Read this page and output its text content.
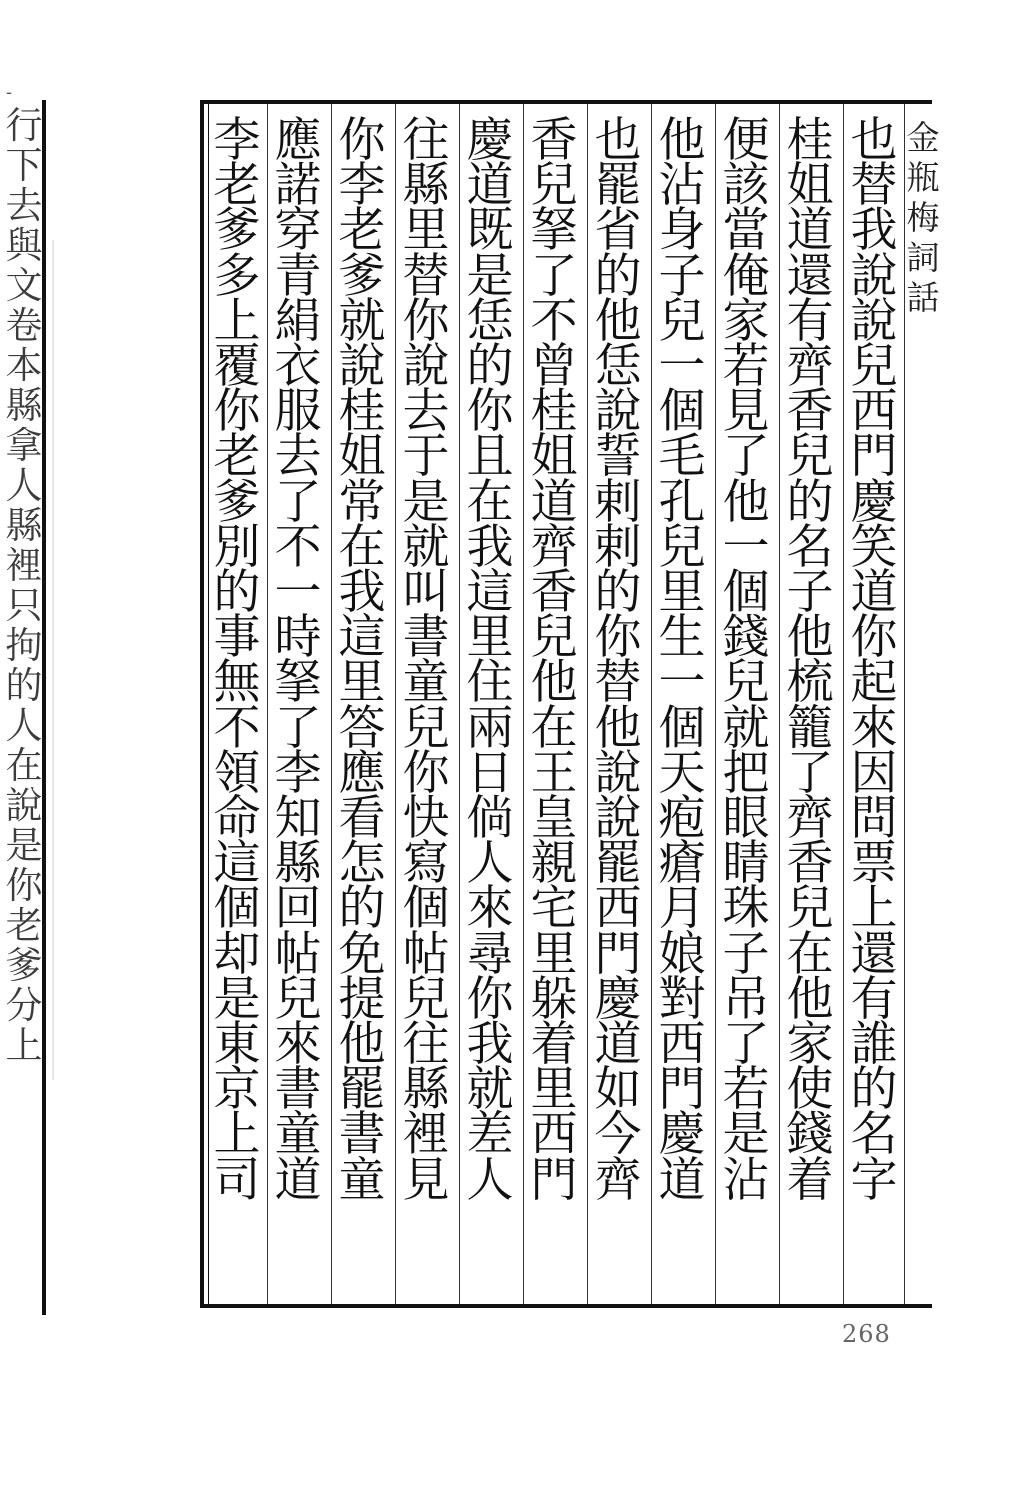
-
行下去與文卷本縣拿人縣裡只拘的人在說是你老爹分上
也替我說說兒西門慶笑道你起來因問票上還有誰的名字
桂姐道還有齊香兒的名子他梳籠了齊香兒在他家使錢着
便該當俺家若見了他一個錢兒就把眼睛珠子吊了若是沾
他沾身子兒一個毛孔兒里生一個天疱瘡月娘對西門慶道
也罷省的他恁說誓剌剌的你替他說說罷西門慶道如今齊
香兒拏了不曾桂姐道齊香兒他在王皇親宅里躲着里西門
慶道既是恁的你且在我這里住兩日倘人來尋你我就差人
往縣里替你說去于是就叫書童兒你快寫個帖兒往縣裡見
你李老爹就說桂姐常在我這里答應看怎的免提他罷書童
應諾穿青絹衣服去了不一時拏了李知縣回帖兒來書童道
李老爹多上覆你老爹別的事無不領命這個却是東京上司
金瓶梅詞話
268
